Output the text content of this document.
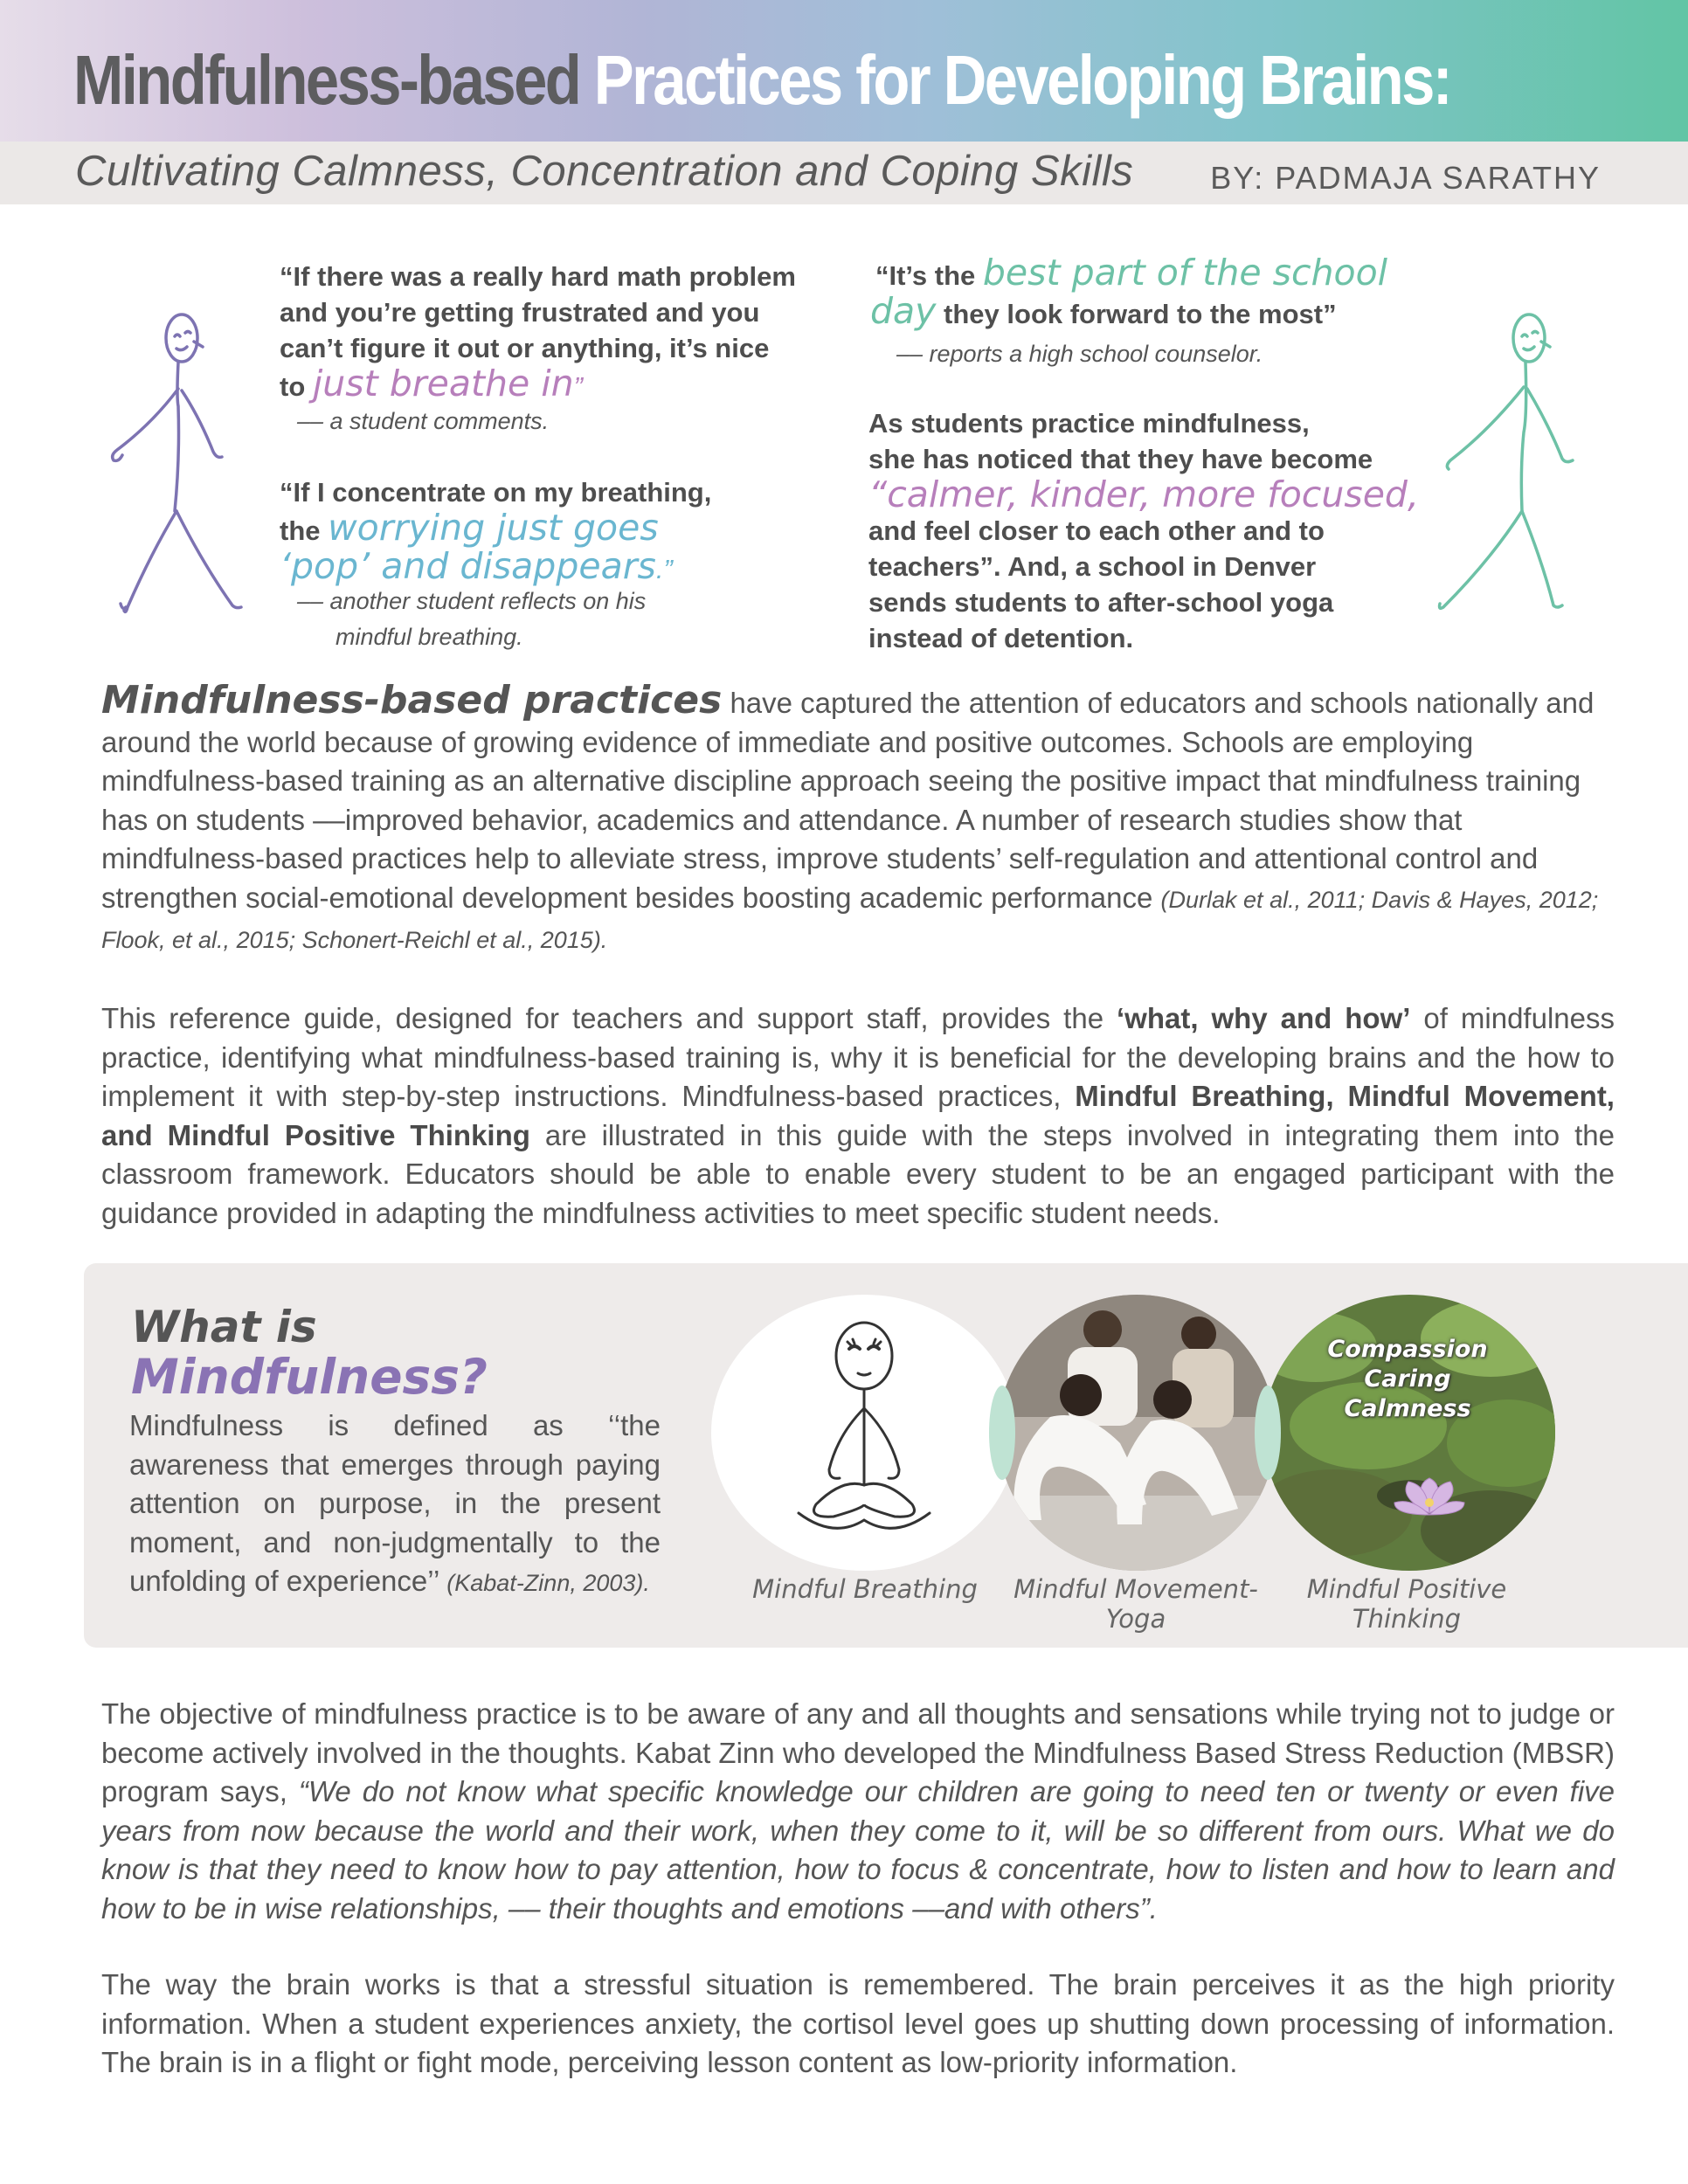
Mindfulness-based Practices for Developing Brains:
Cultivating Calmness, Concentration and Coping Skills BY: PADMAJA SARATHY
“If there was a really hard math problem
and you’re getting frustrated and you
can’t figure it out or anything, it’s nice
to just breathe in”
–– a student comments.
“If I concentrate on my breathing,
the worrying just goes
‘pop’ and disappears.”
–– another student reflects on his
mindful breathing.
“It’s the best part of the school
day they look forward to the most”
–– reports a high school counselor.
As students practice mindfulness,
she has noticed that they have become
“calmer, kinder, more focused,
and feel closer to each other and to
teachers”. And, a school in Denver
sends students to after-school yoga
instead of detention.
Mindfulness-based practices have captured the attention of educators and schools nationally and around the world because of growing evidence of immediate and positive outcomes. Schools are employing mindfulness-based training as an alternative discipline approach seeing the positive impact that mindfulness training has on students ––improved behavior, academics and attendance. A number of research studies show that mindfulness-based practices help to alleviate stress, improve students’ self-regulation and attentional control and strengthen social-emotional development besides boosting academic performance (Durlak et al., 2011; Davis & Hayes, 2012; Flook, et al., 2015; Schonert-Reichl et al., 2015).
This reference guide, designed for teachers and support staff, provides the ‘what, why and how’ of mindfulness practice, identifying what mindfulness-based training is, why it is beneficial for the developing brains and the how to implement it with step-by-step instructions. Mindfulness-based practices, Mindful Breathing, Mindful Movement, and Mindful Positive Thinking are illustrated in this guide with the steps involved in integrating them into the classroom framework. Educators should be able to enable every student to be an engaged participant with the guidance provided in adapting the mindfulness activities to meet specific student needs.
What is
Mindfulness?
Mindfulness is defined as ‘‘the awareness that emerges through paying attention on purpose, in the present moment, and non-judgmentally to the unfolding of experience’’ (Kabat-Zinn, 2003).
Compassion
Caring
Calmness
Mindful Breathing	Mindful Movement-
Yoga
Mindful Positive
Thinking
The objective of mindfulness practice is to be aware of any and all thoughts and sensations while trying not to judge or become actively involved in the thoughts. Kabat Zinn who developed the Mindfulness Based Stress Reduction (MBSR) program says, “We do not know what specific knowledge our children are going to need ten or twenty or even five years from now because the world and their work, when they come to it, will be so different from ours. What we do know is that they need to know how to pay attention, how to focus & concentrate, how to listen and how to learn and how to be in wise relationships, –– their thoughts and emotions ––and with others”.
The way the brain works is that a stressful situation is remembered. The brain perceives it as the high priority information. When a student experiences anxiety, the cortisol level goes up shutting down processing of information. The brain is in a flight or fight mode, perceiving lesson content as low-priority information.
